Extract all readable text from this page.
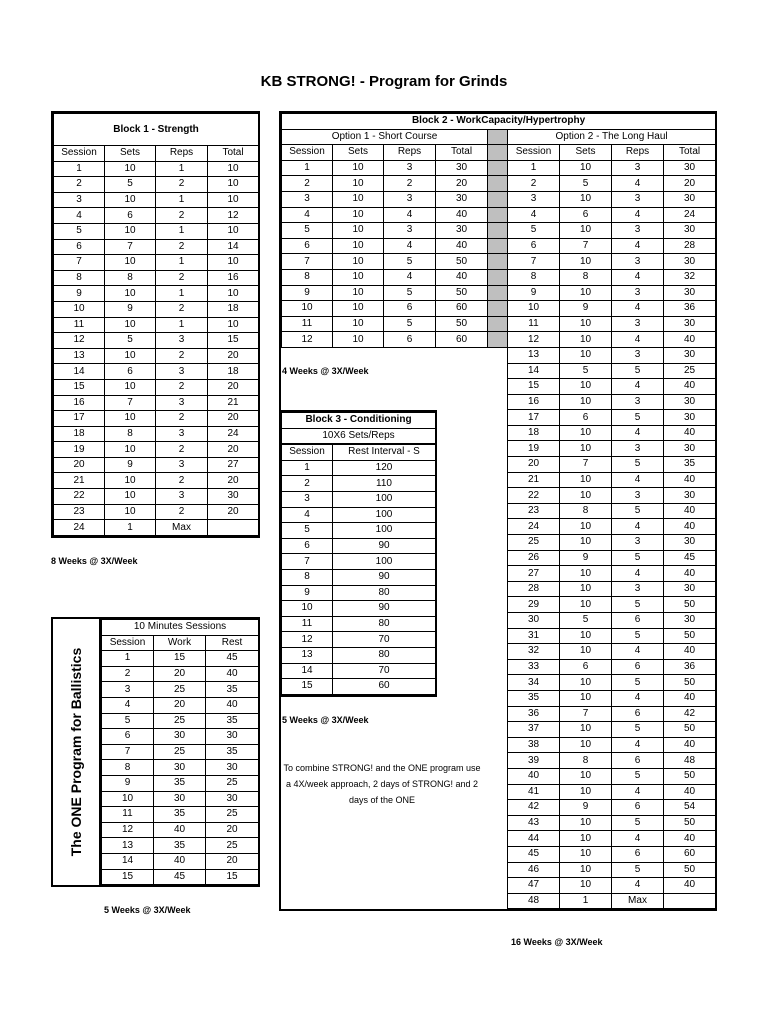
KB STRONG! - Program for Grinds
Block 1 - Strength			
Session	Sets	Reps	Total
1	10	1	10
2	5	2	10
3	10	1	10
4	6	2	12
5	10	1	10
6	7	2	14
7	10	1	10
8	8	2	16
9	10	1	10
10	9	2	18
11	10	1	10
12	5	3	15
13	10	2	20
14	6	3	18
15	10	2	20
16	7	3	21
17	10	2	20
18	8	3	24
19	10	2	20
20	9	3	27
21	10	2	20
22	10	3	30
23	10	2	20
24	1	Max	
8 Weeks @ 3X/Week
Block 2 - WorkCapacity/Hypertrophy								
Option 1 - Short Course					Option 2 - The Long Haul			
Session	Sets	Reps	Total		Session	Sets	Reps	Total
1	10	3	30		1	10	3	30
2	10	2	20		2	5	4	20
3	10	3	30		3	10	3	30
4	10	4	40		4	6	4	24
5	10	3	30		5	10	3	30
6	10	4	40		6	7	4	28
7	10	5	50		7	10	3	30
8	10	4	40		8	8	4	32
9	10	5	50		9	10	3	30
10	10	6	60		10	9	4	36
11	10	5	50		11	10	3	30
12	10	6	60		12	10	4	40
					13	10	3	30
					14	5	5	25
					15	10	4	40
					16	10	3	30
					17	6	5	30
					18	10	4	40
					19	10	3	30
					20	7	5	35
					21	10	4	40
					22	10	3	30
					23	8	5	40
					24	10	4	40
					25	10	3	30
					26	9	5	45
					27	10	4	40
					28	10	3	30
					29	10	5	50
					30	5	6	30
					31	10	5	50
					32	10	4	40
					33	6	6	36
					34	10	5	50
					35	10	4	40
					36	7	6	42
					37	10	5	50
					38	10	4	40
					39	8	6	48
					40	10	5	50
					41	10	4	40
					42	9	6	54
					43	10	5	50
					44	10	4	40
					45	10	6	60
					46	10	5	50
					47	10	4	40
					48	1	Max	
4 Weeks @ 3X/Week
16 Weeks @ 3X/Week
Block 3 - Conditioning	
10X6 Sets/Reps	
Session	Rest Interval - S
1	120
2	110
3	100
4	100
5	100
6	90
7	100
8	90
9	80
10	90
11	80
12	70
13	80
14	70
15	60
5 Weeks @ 3X/Week
To combine STRONG! and the ONE program use a 4X/week approach, 2 days of STRONG! and 2 days of the ONE
The ONE Program for Ballistics
10 Minutes Sessions		
Session	Work	Rest
1	15	45
2	20	40
3	25	35
4	20	40
5	25	35
6	30	30
7	25	35
8	30	30
9	35	25
10	30	30
11	35	25
12	40	20
13	35	25
14	40	20
15	45	15
5 Weeks @ 3X/Week
